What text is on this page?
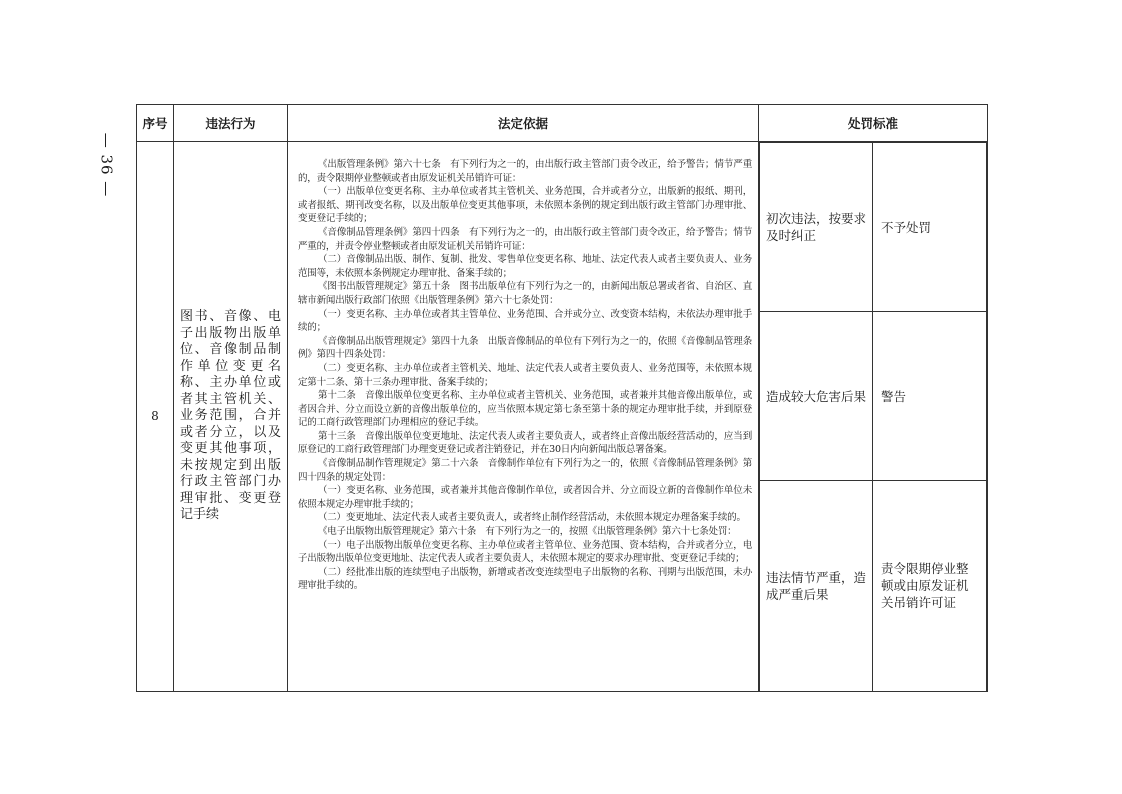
— 36 —
序号	违法行为	法定依据	处罚标准
8	图书、音像、电子出版物出版单位、音像制品制作单位变更名称、主办单位或者其主管机关、业务范围，合并或者分立，以及变更其他事项，未按规定到出版行政主管部门办理审批、变更登记手续	

《出版管理条例》第六十七条　有下列行为之一的，由出版行政主管部门责令改正，给予警告；情节严重的，责令限期停业整顿或者由原发证机关吊销许可证：

（一）出版单位变更名称、主办单位或者其主管机关、业务范围，合并或者分立，出版新的报纸、期刊，或者报纸、期刊改变名称，以及出版单位变更其他事项，未依照本条例的规定到出版行政主管部门办理审批、变更登记手续的；

《音像制品管理条例》第四十四条　有下列行为之一的，由出版行政主管部门责令改正，给予警告；情节严重的，并责令停业整顿或者由原发证机关吊销许可证：

（二）音像制品出版、制作、复制、批发、零售单位变更名称、地址、法定代表人或者主要负责人、业务范围等，未依照本条例规定办理审批、备案手续的；

《图书出版管理规定》第五十条　图书出版单位有下列行为之一的，由新闻出版总署或者省、自治区、直辖市新闻出版行政部门依照《出版管理条例》第六十七条处罚：

（一）变更名称、主办单位或者其主管单位、业务范围、合并或分立、改变资本结构，未依法办理审批手续的；

《音像制品出版管理规定》第四十九条　出版音像制品的单位有下列行为之一的，依照《音像制品管理条例》第四十四条处罚：

（二）变更名称、主办单位或者主管机关、地址、法定代表人或者主要负责人、业务范围等，未依照本规定第十二条、第十三条办理审批、备案手续的；

第十二条　音像出版单位变更名称、主办单位或者主管机关、业务范围，或者兼并其他音像出版单位，或者因合并、分立而设立新的音像出版单位的，应当依照本规定第七条至第十条的规定办理审批手续，并到原登记的工商行政管理部门办理相应的登记手续。

第十三条　音像出版单位变更地址、法定代表人或者主要负责人，或者终止音像出版经营活动的，应当到原登记的工商行政管理部门办理变更登记或者注销登记，并在30日内向新闻出版总署备案。

《音像制品制作管理规定》第二十六条　音像制作单位有下列行为之一的，依照《音像制品管理条例》第四十四条的规定处罚：

（一）变更名称、业务范围，或者兼并其他音像制作单位，或者因合并、分立而设立新的音像制作单位未依照本规定办理审批手续的；

（二）变更地址、法定代表人或者主要负责人，或者终止制作经营活动，未依照本规定办理备案手续的。

《电子出版物出版管理规定》第六十条　有下列行为之一的，按照《出版管理条例》第六十七条处罚：

（一）电子出版物出版单位变更名称、主办单位或者主管单位、业务范围、资本结构，合并或者分立，电子出版物出版单位变更地址、法定代表人或者主要负责人，未依照本规定的要求办理审批、变更登记手续的；

（二）经批准出版的连续型电子出版物，新增或者改变连续型电子出版物的名称、刊期与出版范围，未办理审批手续的。

初次违法，按要求及时纠正	不予处罚
造成较大危害后果	警告
违法情节严重，造成严重后果	责令限期停业整顿或由原发证机关吊销许可证
